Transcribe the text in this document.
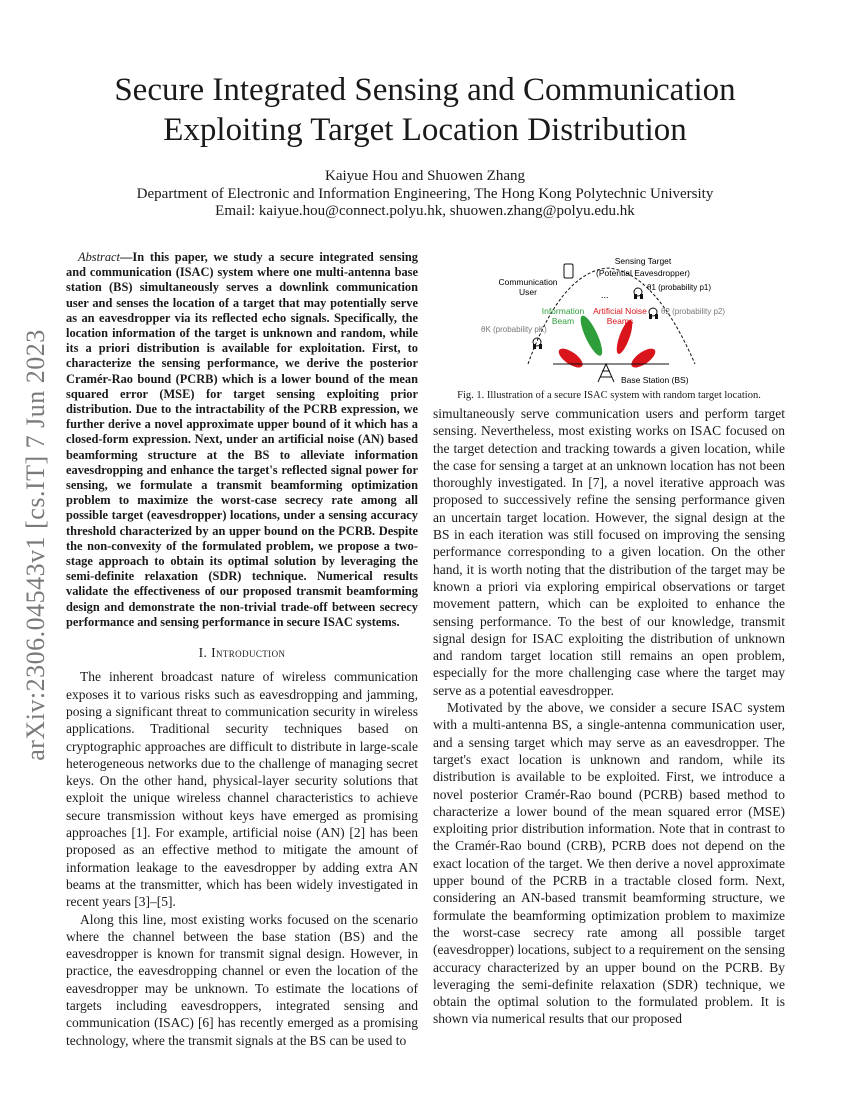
arXiv:2306.04543v1 [cs.IT] 7 Jun 2023
Secure Integrated Sensing and Communication
Exploiting Target Location Distribution
Kaiyue Hou and Shuowen Zhang
Department of Electronic and Information Engineering, The Hong Kong Polytechnic University
Email: kaiyue.hou@connect.polyu.hk, shuowen.zhang@polyu.edu.hk

Abstract—In this paper, we study a secure integrated sensing and communication (ISAC) system where one multi-antenna base station (BS) simultaneously serves a downlink communication user and senses the location of a target that may potentially serve as an eavesdropper via its reflected echo signals. Specifically, the location information of the target is unknown and random, while its a priori distribution is available for exploitation. First, to characterize the sensing performance, we derive the posterior Cramér-Rao bound (PCRB) which is a lower bound of the mean squared error (MSE) for target sensing exploiting prior distribution. Due to the intractability of the PCRB expression, we further derive a novel approximate upper bound of it which has a closed-form expression. Next, under an artificial noise (AN) based beamforming structure at the BS to alleviate information eavesdropping and enhance the target's reflected signal power for sensing, we formulate a transmit beamforming optimization problem to maximize the worst-case secrecy rate among all possible target (eavesdropper) locations, under a sensing accuracy threshold characterized by an upper bound on the PCRB. Despite the non-convexity of the formulated problem, we propose a two-stage approach to obtain its optimal solution by leveraging the semi-definite relaxation (SDR) technique. Numerical results validate the effectiveness of our proposed transmit beamforming design and demonstrate the non-trivial trade-off between secrecy performance and sensing performance in secure ISAC systems.

I. Introduction

The inherent broadcast nature of wireless communication exposes it to various risks such as eavesdropping and jamming, posing a significant threat to communication security in wireless applications. Traditional security techniques based on cryptographic approaches are difficult to distribute in large-scale heterogeneous networks due to the challenge of managing secret keys. On the other hand, physical-layer security solutions that exploit the unique wireless channel characteristics to achieve secure transmission without keys have emerged as promising approaches [1]. For example, artificial noise (AN) [2] has been proposed as an effective method to mitigate the amount of information leakage to the eavesdropper by adding extra AN beams at the transmitter, which has been widely investigated in recent years [3]–[5].

Along this line, most existing works focused on the scenario where the channel between the base station (BS) and the eavesdropper is known for transmit signal design. However, in practice, the eavesdropping channel or even the location of the eavesdropper may be unknown. To estimate the locations of targets including eavesdroppers, integrated sensing and communication (ISAC) [6] has recently emerged as a promising technology, where the transmit signals at the BS can be used to

Communication
User
Sensing Target
(Potential Eavesdropper)
...
θ1 (probability p1)
θ2 (probability p2)
θK (probability pK)
Information
Beam
Artificial Noise
Beams
Base Station (BS)
Fig. 1. Illustration of a secure ISAC system with random target location.

simultaneously serve communication users and perform target sensing. Nevertheless, most existing works on ISAC focused on the target detection and tracking towards a given location, while the case for sensing a target at an unknown location has not been thoroughly investigated. In [7], a novel iterative approach was proposed to successively refine the sensing performance given an uncertain target location. However, the signal design at the BS in each iteration was still focused on improving the sensing performance corresponding to a given location. On the other hand, it is worth noting that the distribution of the target may be known a priori via exploring empirical observations or target movement pattern, which can be exploited to enhance the sensing performance. To the best of our knowledge, transmit signal design for ISAC exploiting the distribution of unknown and random target location still remains an open problem, especially for the more challenging case where the target may serve as a potential eavesdropper.

Motivated by the above, we consider a secure ISAC system with a multi-antenna BS, a single-antenna communication user, and a sensing target which may serve as an eavesdropper. The target's exact location is unknown and random, while its distribution is available to be exploited. First, we introduce a novel posterior Cramér-Rao bound (PCRB) based method to characterize a lower bound of the mean squared error (MSE) exploiting prior distribution information. Note that in contrast to the Cramér-Rao bound (CRB), PCRB does not depend on the exact location of the target. We then derive a novel approximate upper bound of the PCRB in a tractable closed form. Next, considering an AN-based transmit beamforming structure, we formulate the beamforming optimization problem to maximize the worst-case secrecy rate among all possible target (eavesdropper) locations, subject to a requirement on the sensing accuracy characterized by an upper bound on the PCRB. By leveraging the semi-definite relaxation (SDR) technique, we obtain the optimal solution to the formulated problem. It is shown via numerical results that our proposed
